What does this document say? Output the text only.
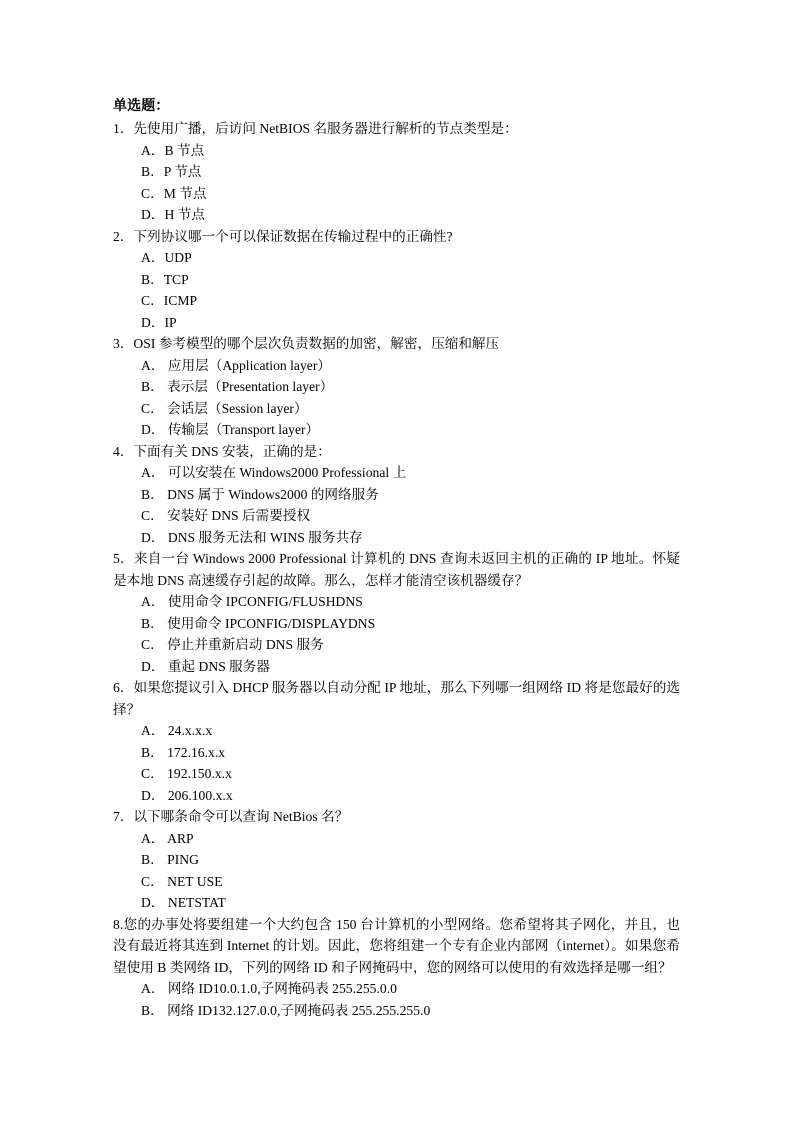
单选题：

1．先使用广播，后访问 NetBIOS 名服务器进行解析的节点类型是：

A．B 节点
B．P 节点
C．M 节点
D．H 节点

2．下列协议哪一个可以保证数据在传输过程中的正确性?

A．UDP
B．TCP
C．ICMP
D．IP

3．OSI 参考模型的哪个层次负责数据的加密，解密，压缩和解压

A． 应用层（Application layer）
B． 表示层（Presentation layer）
C． 会话层（Session layer）
D． 传输层（Transport layer）

4．下面有关 DNS 安装，正确的是：

A． 可以安装在 Windows2000 Professional 上
B． DNS 属于 Windows2000 的网络服务
C． 安装好 DNS 后需要授权
D． DNS 服务无法和 WINS 服务共存

5．来自一台 Windows 2000 Professional 计算机的 DNS 查询未返回主机的正确的 IP 地址。怀疑是本地 DNS 高速缓存引起的故障。那么，怎样才能清空该机器缓存？

A． 使用命令 IPCONFIG/FLUSHDNS
B． 使用命令 IPCONFIG/DISPLAYDNS
C． 停止并重新启动 DNS 服务
D． 重起 DNS 服务器

6．如果您提议引入 DHCP 服务器以自动分配 IP 地址，那么下列哪一组网络 ID 将是您最好的选择？

A． 24.x.x.x
B． 172.16.x.x
C． 192.150.x.x
D． 206.100.x.x

7．以下哪条命令可以查询 NetBios 名？

A． ARP
B． PING
C． NET USE
D． NETSTAT

8.您的办事处将要组建一个大约包含 150 台计算机的小型网络。您希望将其子网化，并且，也没有最近将其连到 Internet 的计划。因此，您将组建一个专有企业内部网（internet）。如果您希望使用 B 类网络 ID，下列的网络 ID 和子网掩码中，您的网络可以使用的有效选择是哪一组？

A． 网络 ID10.0.1.0,子网掩码表 255.255.0.0
B． 网络 ID132.127.0.0,子网掩码表 255.255.255.0
